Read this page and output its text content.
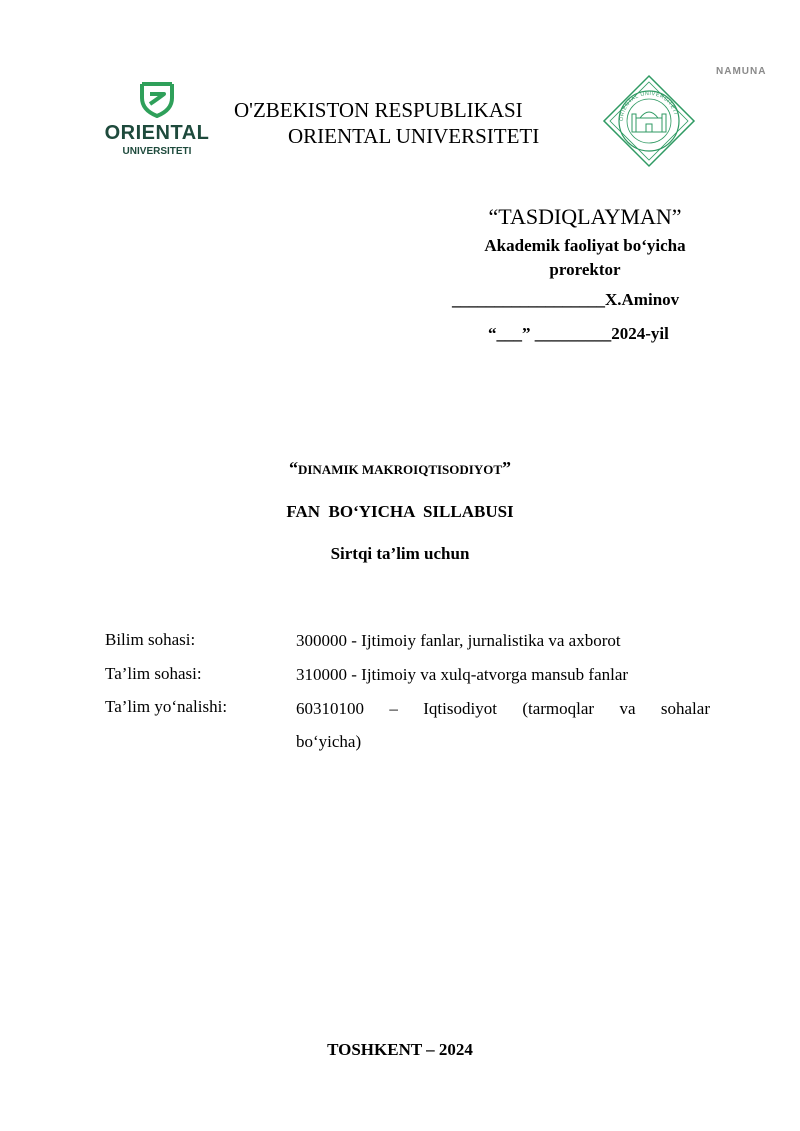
NAMUNA
ORIENTAL
UNIVERSITETI
O'ZBEKISTON RESPUBLIKASI
ORIENTAL UNIVERSITETI
ORIENTAL UNIVERSITETI
“TASDIQLAYMAN”
Akademik faoliyat bo‘yicha
prorektor
__________________X.Aminov
“___” _________2024-yil
“DINAMIK MAKROIQTISODIYOT”
FAN  BO‘YICHA  SILLABUSI
Sirtqi ta’lim uchun
Bilim sohasi:	300000 - Ijtimoiy fanlar, jurnalistika va axborot
Ta’lim sohasi:	310000 - Ijtimoiy va xulq-atvorga mansub fanlar
Ta’lim yo‘nalishi:	60310100 – Iqtisodiyot (tarmoqlar va sohalar bo‘yicha)
TOSHKENT – 2024
